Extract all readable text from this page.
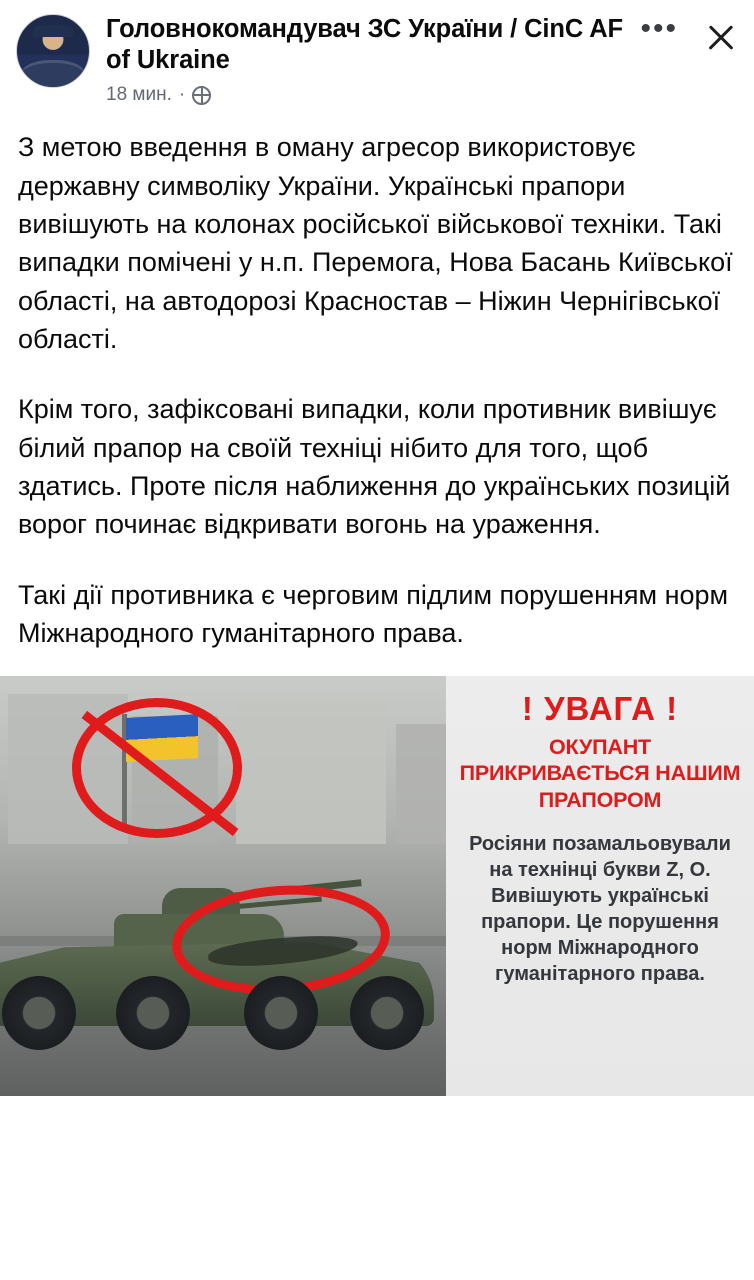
Головнокомандувач ЗС України / CinC AF of Ukraine
18 мин. ·
•••

З метою введення в оману агресор використовує державну символіку України. Українські прапори вивішують на колонах російської військової техніки. Такі випадки помічені у н.п. Перемога, Нова Басань Київської області, на автодорозі Красностав – Ніжин Чернігівської області.

Крім того, зафіксовані випадки, коли противник вивішує білий прапор на своїй техніці нібито для того, щоб здатись. Проте після наближення до українських позицій ворог починає відкривати вогонь на ураження.

Такі дії противника є черговим підлим порушенням норм Міжнародного гуманітарного права.

! УВАГА !
ОКУПАНТ ПРИКРИВАЄТЬСЯ НАШИМ ПРАПОРОМ
Росіяни позамальовували на технінці букви Z, O. Вивішують українські прапори. Це порушення норм Міжнародного гуманітарного права.
